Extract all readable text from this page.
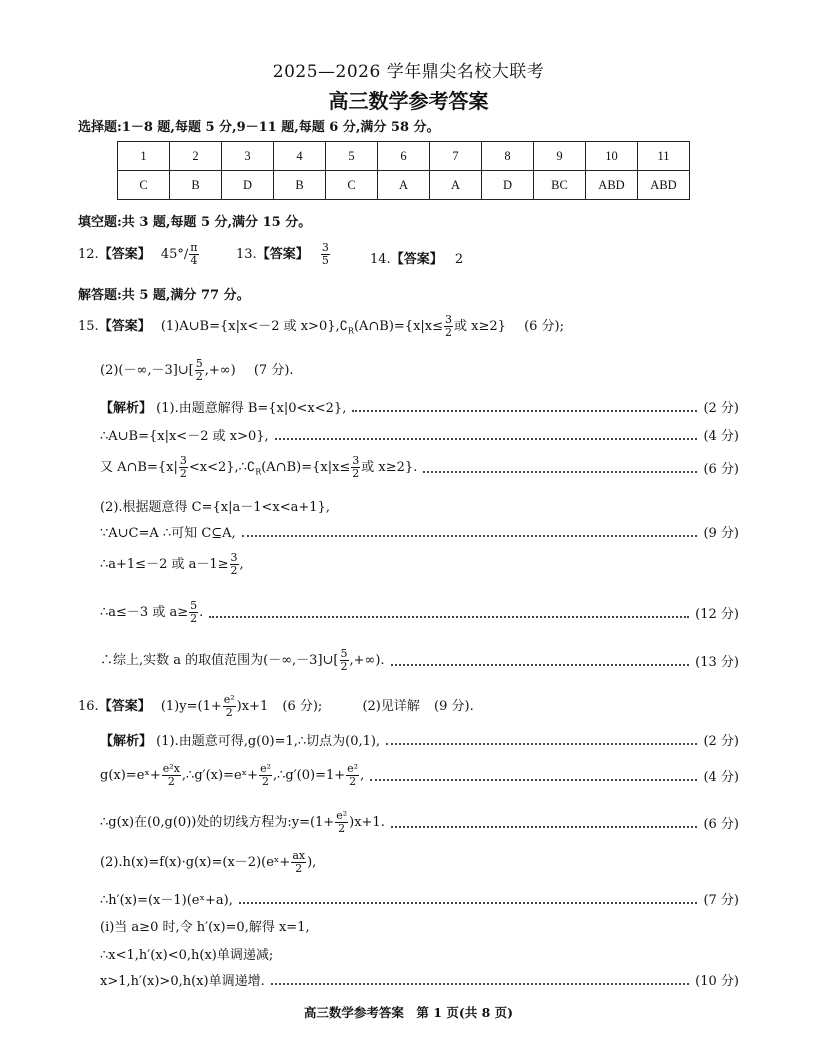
2025—2026 学年鼎尖名校大联考
高三数学参考答案
选择题:1－8 题,每题 5 分,9－11 题,每题 6 分,满分 58 分。
1	2	3	4	5	6	7	8	9	10	11
C	B	D	B	C	A	A	D	BC	ABD	ABD
填空题:共 3 题,每题 5 分,满分 15 分。
12.【答案】 $45^\circ/ \frac{\pi}{4}$	13.【答案】 $\frac{3}{5}$	14.【答案】 2
解答题:共 5 题,满分 77 分。
15.【答案】 (1)A∪B={x|x<－2 或 $x>0\},∁_R(A\cap B)=\{x|x\le \frac{3}{2}$ 或 x≥2} (6 分);
(2)(－∞,－3]∪[ $\frac{5}{2}$ ,+∞) (7 分).
【解析】 (1).由题意解得 B={x|0<x<2},	(2 分)
∴A∪B={x|x<－2 或 x>0},	(4 分)
又 A∩B={x| $\frac{3}{2}$ $<x<2\},\therefore∁_R(A\cap B)=\{x|x\le \frac{3}{2}$ 或 x≥2}.	(6 分)
(2).根据题意得 C={x|a－1<x<a+1},
∵A∪C=A ∴可知 C⊆A,	(9 分)
∴a+1≤－2 或 $a-1\ge \frac{3}{2}$ ,
∴a≤－3 或 $a\ge \frac{5}{2}$ .	(12 分)
∴综上,实数 a 的取值范围为(－∞,－3]∪[ $\frac{5}{2}$ ,+∞).	(13 分)
16.【答案】 $(1)y=(1+ \frac{\text{e²}}{2} )x+1$ (6 分);	(2)见详解 (9 分).
【解析】 (1).由题意可得,g(0)=1,∴切点为(0,1),	(2 分)
g(x)=eˣ+ $\frac{\text{e²x}}{2}$ ,∴g′(x)=eˣ+ $\frac{\text{e²}}{2}$ ,∴g′(0)=1+ $\frac{\text{e²}}{2}$ ,	(4 分)
∴g(x)在(0,g(0))处的切线方程为:y=(1+ $\frac{\text{e²}}{2} )x+1$.	(6 分)
(2).h(x)=f(x)·g(x)=(x－2)(eˣ+ $\frac{ax}{2}$ ),
∴h′(x)=(x－1)(eˣ+a),	(7 分)
(i)当 a≥0 时,令 h′(x)=0,解得 x=1,
∴x<1,h′(x)<0,h(x)单调递减;
x>1,h′(x)>0,h(x)单调递增.	(10 分)
高三数学参考答案　第 1 页(共 8 页)
